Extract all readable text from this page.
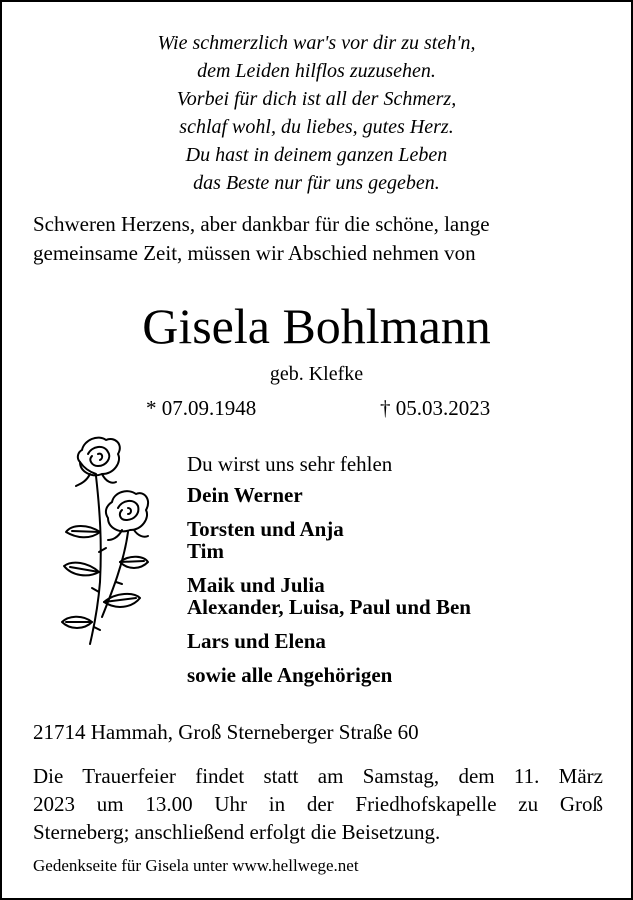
Wie schmerzlich war's vor dir zu steh'n,
dem Leiden hilflos zuzusehen.
Vorbei für dich ist all der Schmerz,
schlaf wohl, du liebes, gutes Herz.
Du hast in deinem ganzen Leben
das Beste nur für uns gegeben.
Schweren Herzens, aber dankbar für die schöne, lange
gemeinsame Zeit, müssen wir Abschied nehmen von
Gisela Bohlmann
geb. Klefke
* 07.09.1948	† 05.03.2023
Du wirst uns sehr fehlen
Dein Werner
Torsten und Anja
Tim
Maik und Julia
Alexander, Luisa, Paul und Ben
Lars und Elena
sowie alle Angehörigen
21714 Hammah, Groß Sterneberger Straße 60
Die Trauerfeier findet statt am Samstag, dem 11. März
2023 um 13.00 Uhr in der Friedhofskapelle zu Groß
Sterneberg; anschließend erfolgt die Beisetzung.
Gedenkseite für Gisela unter www.hellwege.net
